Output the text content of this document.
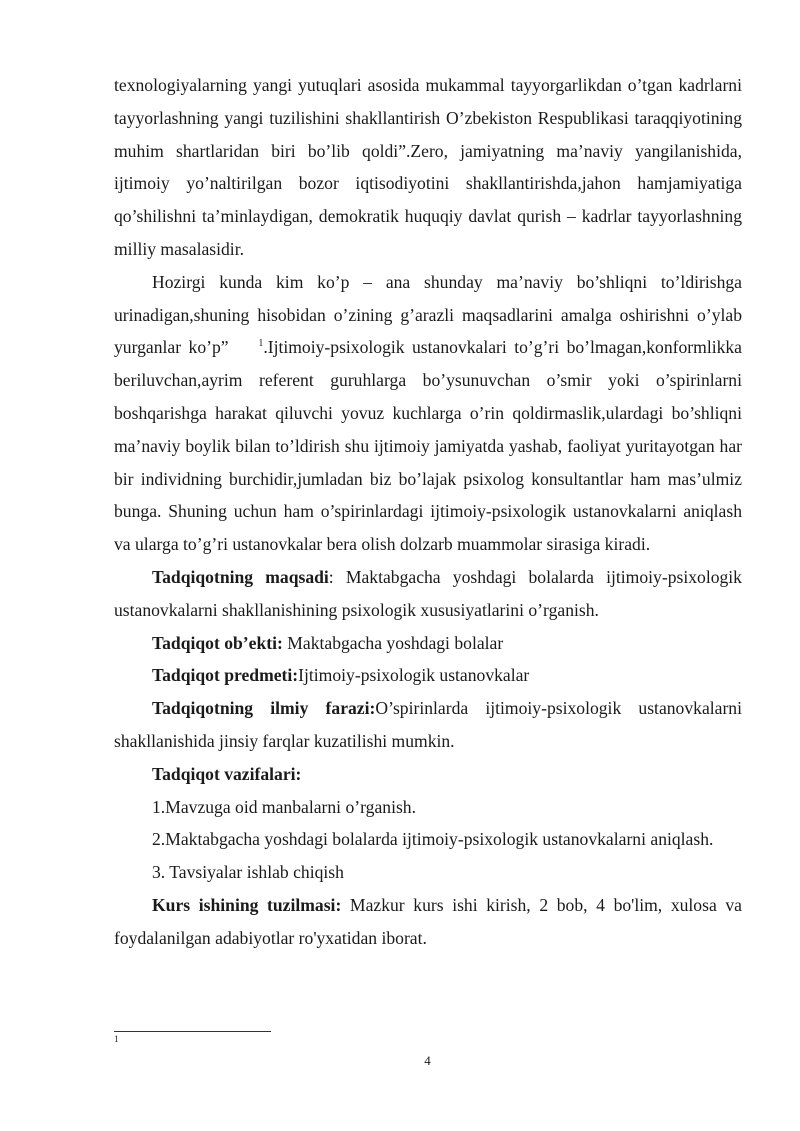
texnologiyalarning yangi yutuqlari asosida mukammal tayyorgarlikdan o’tgan kadrlarni tayyorlashning yangi tuzilishini shakllantirish O’zbekiston Respublikasi taraqqiyotining muhim shartlaridan biri bo’lib qoldi”.Zero, jamiyatning ma’naviy yangilanishida, ijtimoiy yo’naltirilgan bozor iqtisodiyotini shakllantirishda,jahon hamjamiyatiga qo’shilishni ta’minlaydigan, demokratik huquqiy davlat qurish – kadrlar tayyorlashning milliy masalasidir.

Hozirgi kunda kim ko’p – ana shunday ma’naviy bo’shliqni to’ldirishga urinadigan,shuning hisobidan o’zining g’arazli maqsadlarini amalga oshirishni o’ylab yurganlar ko’p”	$^1$.Ijtimoiy-psixologik ustanovkalari to’g’ri bo’lmagan,konformlikka beriluvchan,ayrim referent guruhlarga bo’ysunuvchan o’smir yoki o’spirinlarni boshqarishga harakat qiluvchi yovuz kuchlarga o’rin qoldirmaslik,ulardagi bo’shliqni ma’naviy boylik bilan to’ldirish shu ijtimoiy jamiyatda yashab, faoliyat yuritayotgan har bir individning burchidir,jumladan biz bo’lajak psixolog konsultantlar ham mas’ulmiz bunga. Shuning uchun ham o’spirinlardagi ijtimoiy-psixologik ustanovkalarni aniqlash va ularga to’g’ri ustanovkalar bera olish dolzarb muammolar sirasiga kiradi.

Tadqiqotning maqsadi: Maktabgacha yoshdagi bolalarda ijtimoiy-psixologik ustanovkalarni shakllanishining psixologik xususiyatlarini o’rganish.

Tadqiqot ob’ekti: Maktabgacha yoshdagi bolalar

Tadqiqot predmeti:Ijtimoiy-psixologik ustanovkalar

Tadqiqotning ilmiy farazi:O’spirinlarda ijtimoiy-psixologik ustanovkalarni shakllanishida jinsiy farqlar kuzatilishi mumkin.

Tadqiqot vazifalari:

1.Mavzuga oid manbalarni o’rganish.

2.Maktabgacha yoshdagi bolalarda ijtimoiy-psixologik ustanovkalarni aniqlash.

3. Tavsiyalar ishlab chiqish

Kurs ishining tuzilmasi: Mazkur kurs ishi kirish, 2 bob, 4 bo'lim, xulosa va foydalanilgan adabiyotlar ro'yxatidan iborat.

1
4
